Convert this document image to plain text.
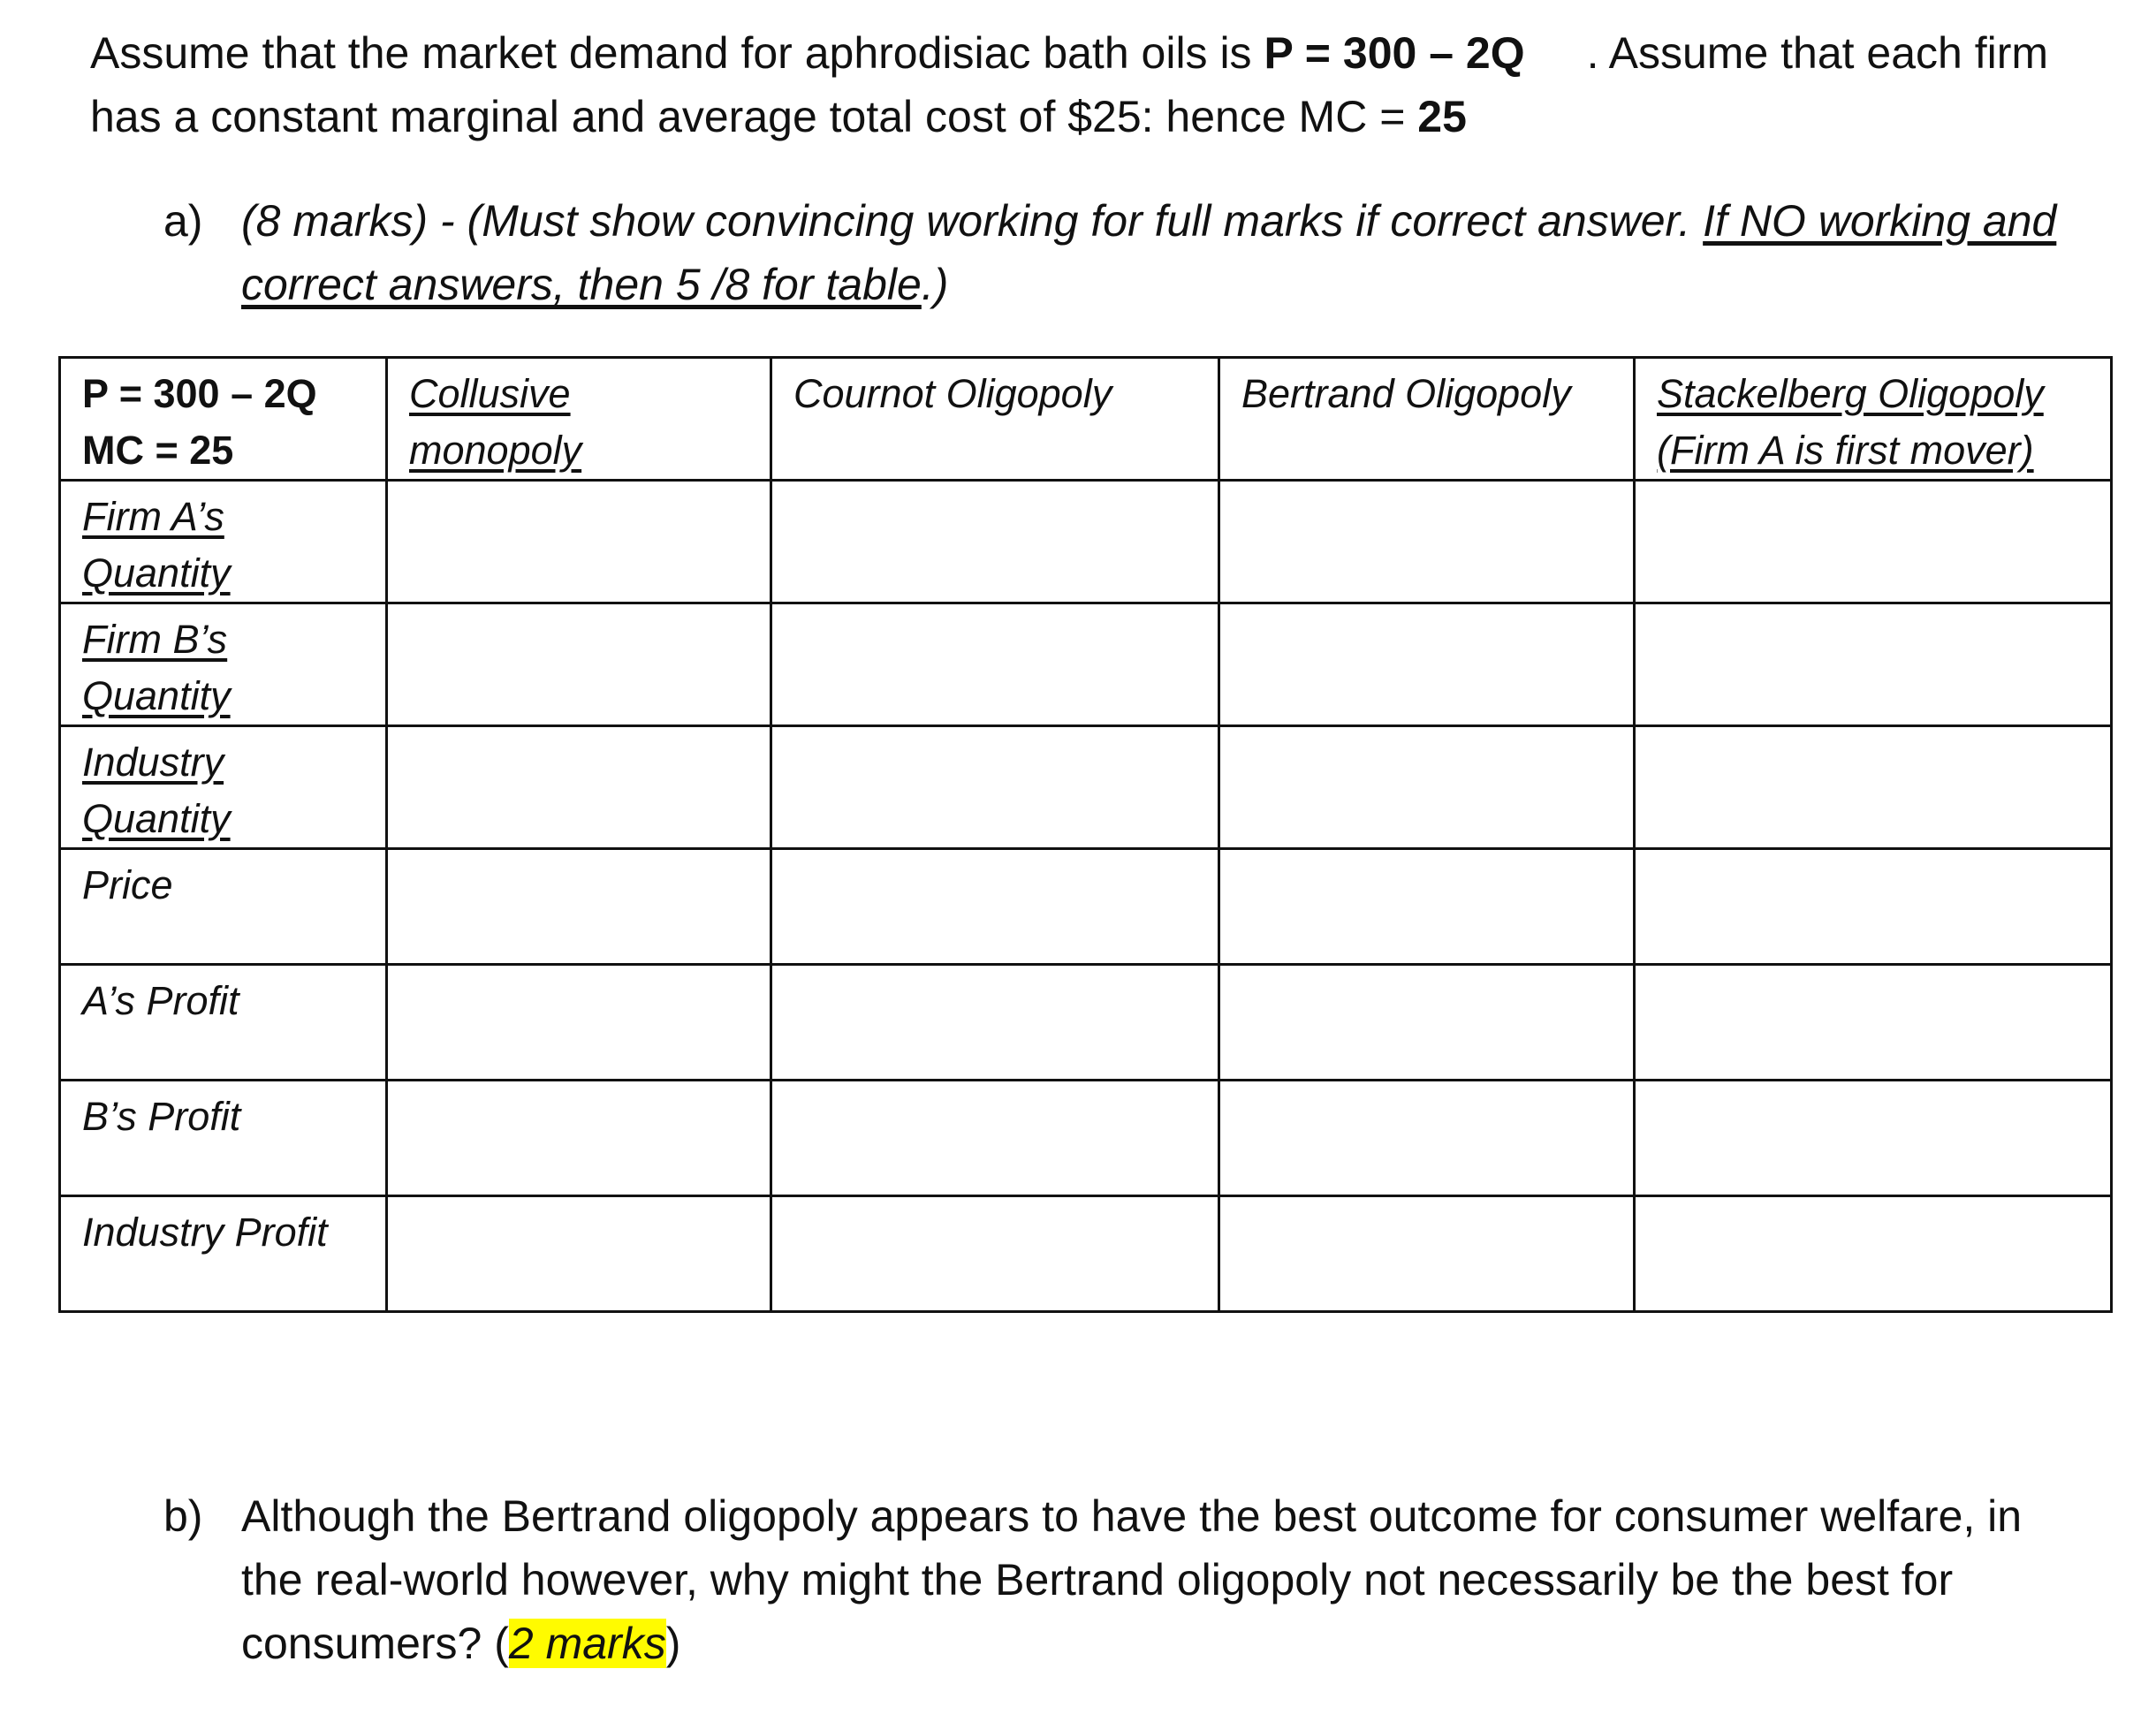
Assume that the market demand for aphrodisiac bath oils is P = 300 – 2Q . Assume that each firm has a constant marginal and average total cost of $25: hence MC = 25

a) (8 marks) - (Must show convincing working for full marks if correct answer. If NO working and correct answers, then 5 /8 for table.)
P = 300 – 2Q
MC = 25	Collusive monopoly	Cournot Oligopoly	Bertrand Oligopoly	Stackelberg Oligopoly (Firm A is first mover)
Firm A’s Quantity				
Firm B’s Quantity				
Industry Quantity				
Price				
A’s Profit				
B’s Profit				
Industry Profit				
b) Although the Bertrand oligopoly appears to have the best outcome for consumer welfare, in the real-world however, why might the Bertrand oligopoly not necessarily be the best for consumers? (2 marks)
